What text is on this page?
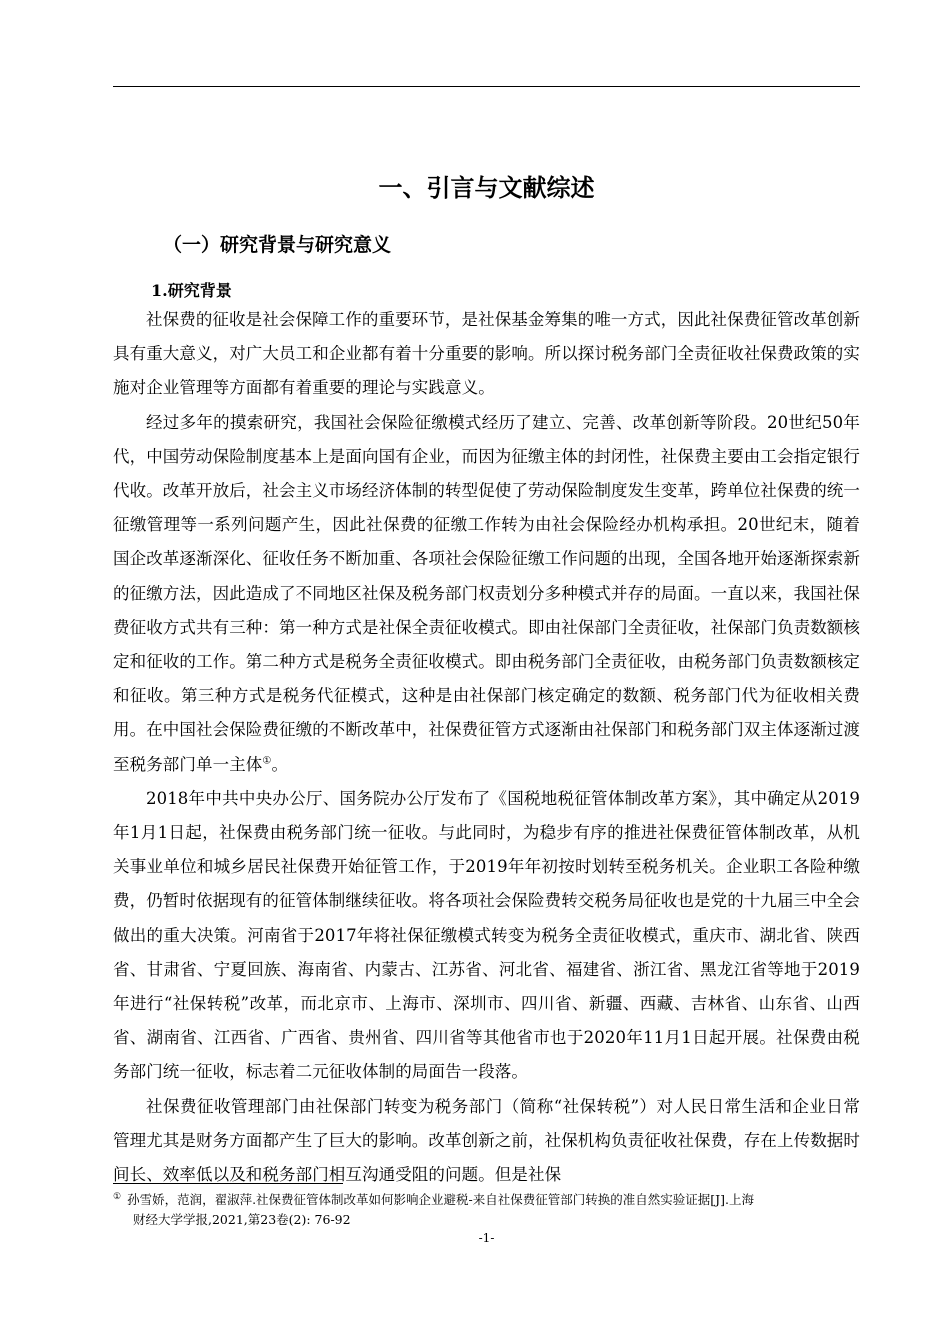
一、引言与文献综述
（一）研究背景与研究意义
1.研究背景

社保费的征收是社会保障工作的重要环节，是社保基金筹集的唯一方式，因此社保费征管改革创新具有重大意义，对广大员工和企业都有着十分重要的影响。所以探讨税务部门全责征收社保费政策的实施对企业管理等方面都有着重要的理论与实践意义。

经过多年的摸索研究，我国社会保险征缴模式经历了建立、完善、改革创新等阶段。20世纪50年代，中国劳动保险制度基本上是面向国有企业，而因为征缴主体的封闭性，社保费主要由工会指定银行代收。改革开放后，社会主义市场经济体制的转型促使了劳动保险制度发生变革，跨单位社保费的统一征缴管理等一系列问题产生，因此社保费的征缴工作转为由社会保险经办机构承担。20世纪末，随着国企改革逐渐深化、征收任务不断加重、各项社会保险征缴工作问题的出现，全国各地开始逐渐探索新的征缴方法，因此造成了不同地区社保及税务部门权责划分多种模式并存的局面。一直以来，我国社保费征收方式共有三种：第一种方式是社保全责征收模式。即由社保部门全责征收，社保部门负责数额核定和征收的工作。第二种方式是税务全责征收模式。即由税务部门全责征收，由税务部门负责数额核定和征收。第三种方式是税务代征模式，这种是由社保部门核定确定的数额、税务部门代为征收相关费用。在中国社会保险费征缴的不断改革中，社保费征管方式逐渐由社保部门和税务部门双主体逐渐过渡至税务部门单一主体①。

2018年中共中央办公厅、国务院办公厅发布了《国税地税征管体制改革方案》，其中确定从2019年1月1日起，社保费由税务部门统一征收。与此同时，为稳步有序的推进社保费征管体制改革，从机关事业单位和城乡居民社保费开始征管工作，于2019年年初按时划转至税务机关。企业职工各险种缴费，仍暂时依据现有的征管体制继续征收。将各项社会保险费转交税务局征收也是党的十九届三中全会做出的重大决策。河南省于2017年将社保征缴模式转变为税务全责征收模式，重庆市、湖北省、陕西省、甘肃省、宁夏回族、海南省、内蒙古、江苏省、河北省、福建省、浙江省、黑龙江省等地于2019年进行“社保转税”改革，而北京市、上海市、深圳市、四川省、新疆、西藏、吉林省、山东省、山西省、湖南省、江西省、广西省、贵州省、四川省等其他省市也于2020年11月1日起开展。社保费由税务部门统一征收，标志着二元征收体制的局面告一段落。

社保费征收管理部门由社保部门转变为税务部门（简称“社保转税”）对人民日常生活和企业日常管理尤其是财务方面都产生了巨大的影响。改革创新之前，社保机构负责征收社保费，存在上传数据时间长、效率低以及和税务部门相互沟通受阻的问题。但是社保

① 孙雪娇，范润，翟淑萍.社保费征管体制改革如何影响企业避税-来自社保费征管部门转换的准自然实验证据[J].上海
财经大学学报,2021,第23卷(2): 76-92
-1-
